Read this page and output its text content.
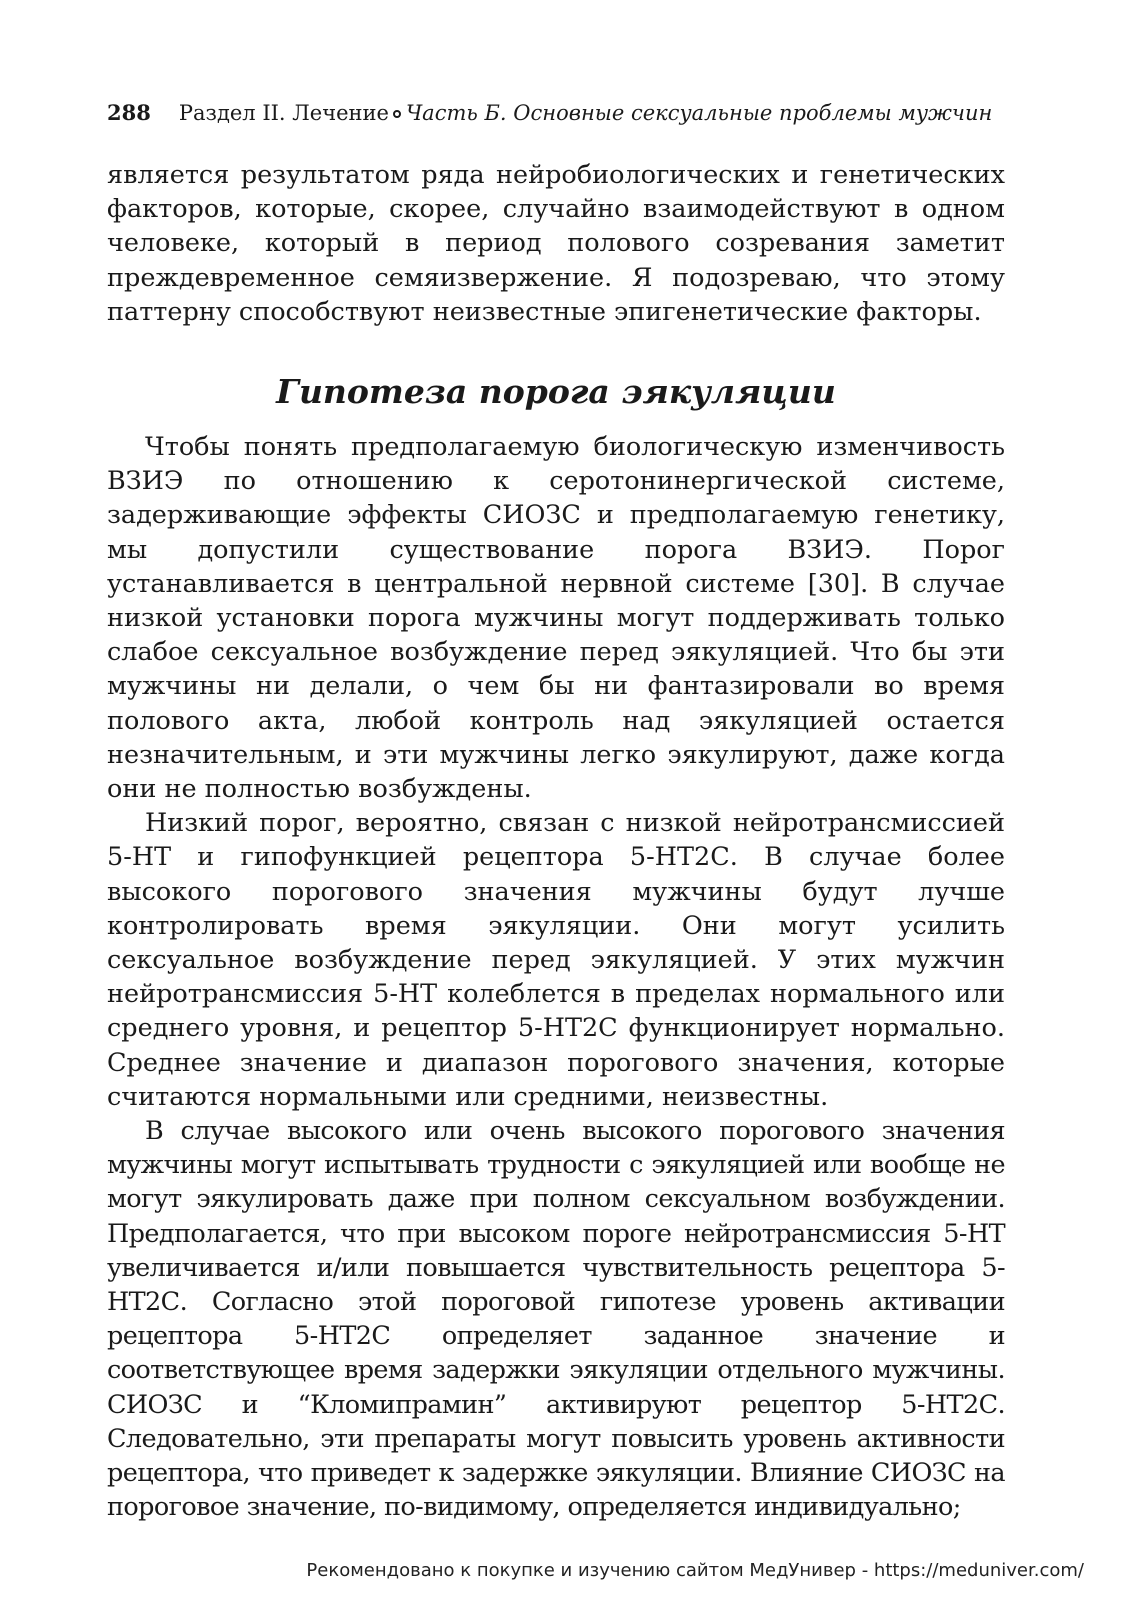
288 Раздел II. Лечение Часть Б. Основные сексуальные проблемы мужчин

является результатом ряда нейробиологических и генетических факторов, которые, скорее, случайно взаимодействуют в одном человеке, который в период полового созревания заметит преждевременное семяизвержение. Я подозреваю, что этому паттерну способствуют неизвестные эпигенетические факторы.

Гипотеза порога эякуляции

Чтобы понять предполагаемую биологическую изменчивость ВЗИЭ по отношению к серотонинергической системе, задерживающие эффекты СИОЗС и предполагаемую генетику, мы допустили существование порога ВЗИЭ. Порог устанавливается в центральной нервной системе [30]. В случае низкой установки порога мужчины могут поддерживать только слабое сексуальное возбуждение перед эякуляцией. Что бы эти мужчины ни делали, о чем бы ни фантазировали во время полового акта, любой контроль над эякуляцией остается незначительным, и эти мужчины легко эякулируют, даже когда они не полностью возбуждены.

Низкий порог, вероятно, связан с низкой нейротрансмиссией 5-НТ и гипофункцией рецептора 5-НТ2С. В случае более высокого порогового значения мужчины будут лучше контролировать время эякуляции. Они могут усилить сексуальное возбуждение перед эякуляцией. У этих мужчин нейротрансмиссия 5-НТ колеблется в пределах нормального или среднего уровня, и рецептор 5-НТ2С функционирует нормально. Среднее значение и диапазон порогового значения, которые считаются нормальными или средними, неизвестны.

В случае высокого или очень высокого порогового значения мужчины могут испытывать трудности с эякуляцией или вообще не могут эякулировать даже при полном сексуальном возбуждении. Предполагается, что при высоком пороге нейротрансмиссия 5-НТ увеличивается и/или повышается чувствительность рецептора 5-НТ2С. Согласно этой пороговой гипотезе уровень активации рецептора 5-НТ2С определяет заданное значение и соответствующее время задержки эякуляции отдельного мужчины. СИОЗС и “Кломипрамин” активируют рецептор 5-НТ2С. Следовательно, эти препараты могут повысить уровень активности рецептора, что приведет к задержке эякуляции. Влияние СИОЗС на пороговое значение, по-видимому, определяется индивидуально;

Рекомендовано к покупке и изучению сайтом МедУнивер - https://meduniver.com/
